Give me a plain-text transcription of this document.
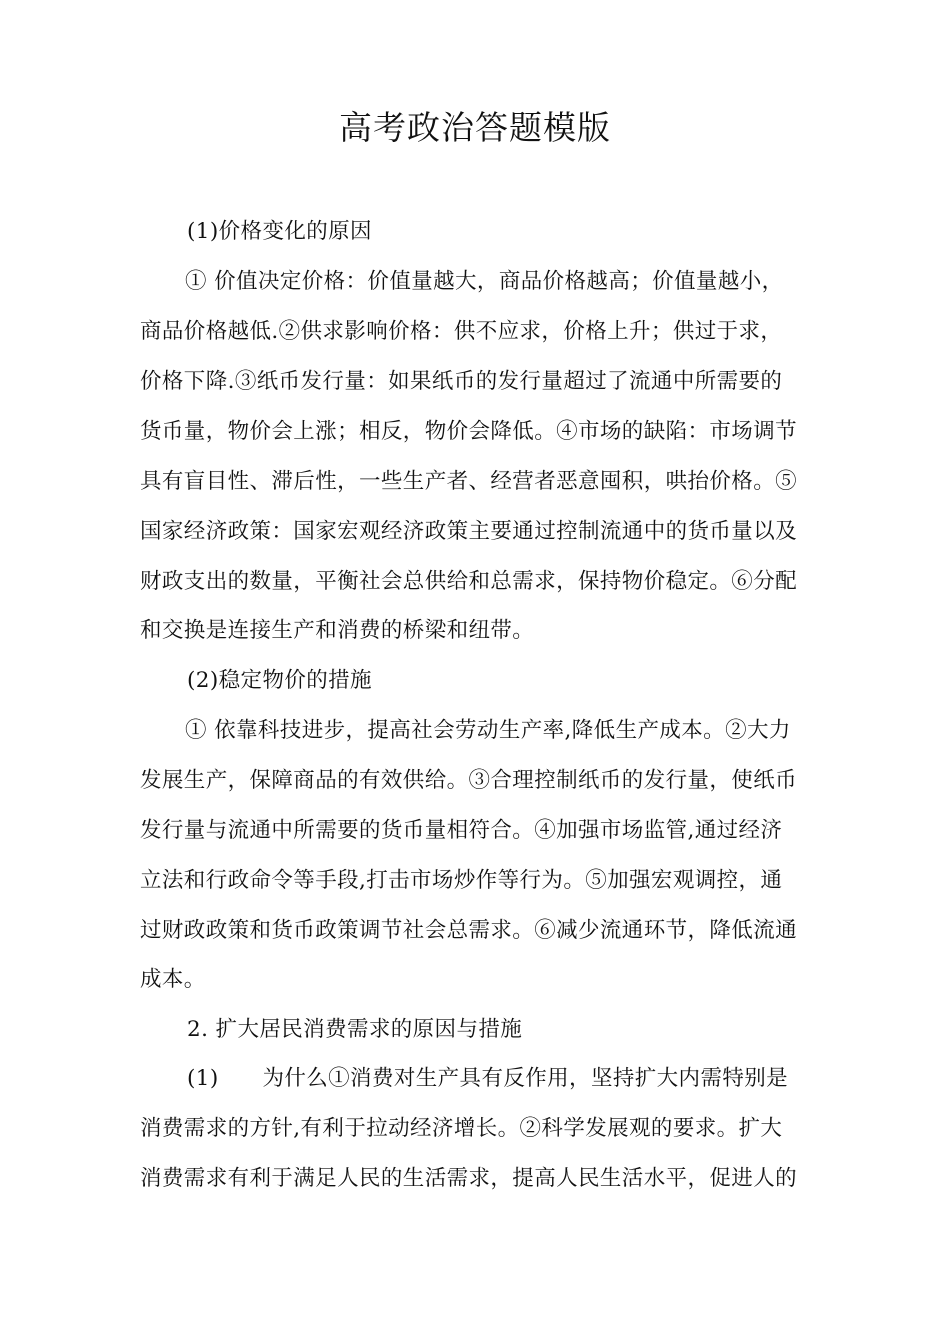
高考政治答题模版
(1)价格变化的原因
① 价值决定价格：价值量越大，商品价格越高；价值量越小，
商品价格越低.②供求影响价格：供不应求，价格上升；供过于求，
价格下降.③纸币发行量：如果纸币的发行量超过了流通中所需要的
货币量，物价会上涨；相反，物价会降低。④市场的缺陷：市场调节
具有盲目性、滞后性，一些生产者、经营者恶意囤积，哄抬价格。⑤
国家经济政策：国家宏观经济政策主要通过控制流通中的货币量以及
财政支出的数量，平衡社会总供给和总需求，保持物价稳定。⑥分配
和交换是连接生产和消费的桥梁和纽带。
(2)稳定物价的措施
① 依靠科技进步，提高社会劳动生产率,降低生产成本。②大力
发展生产，保障商品的有效供给。③合理控制纸币的发行量，使纸币
发行量与流通中所需要的货币量相符合。④加强市场监管,通过经济
立法和行政命令等手段,打击市场炒作等行为。⑤加强宏观调控，通
过财政政策和货币政策调节社会总需求。⑥减少流通环节，降低流通
成本。
2. 扩大居民消费需求的原因与措施
(1)　　为什么①消费对生产具有反作用，坚持扩大内需特别是
消费需求的方针,有利于拉动经济增长。②科学发展观的要求。扩大
消费需求有利于满足人民的生活需求，提高人民生活水平，促进人的
